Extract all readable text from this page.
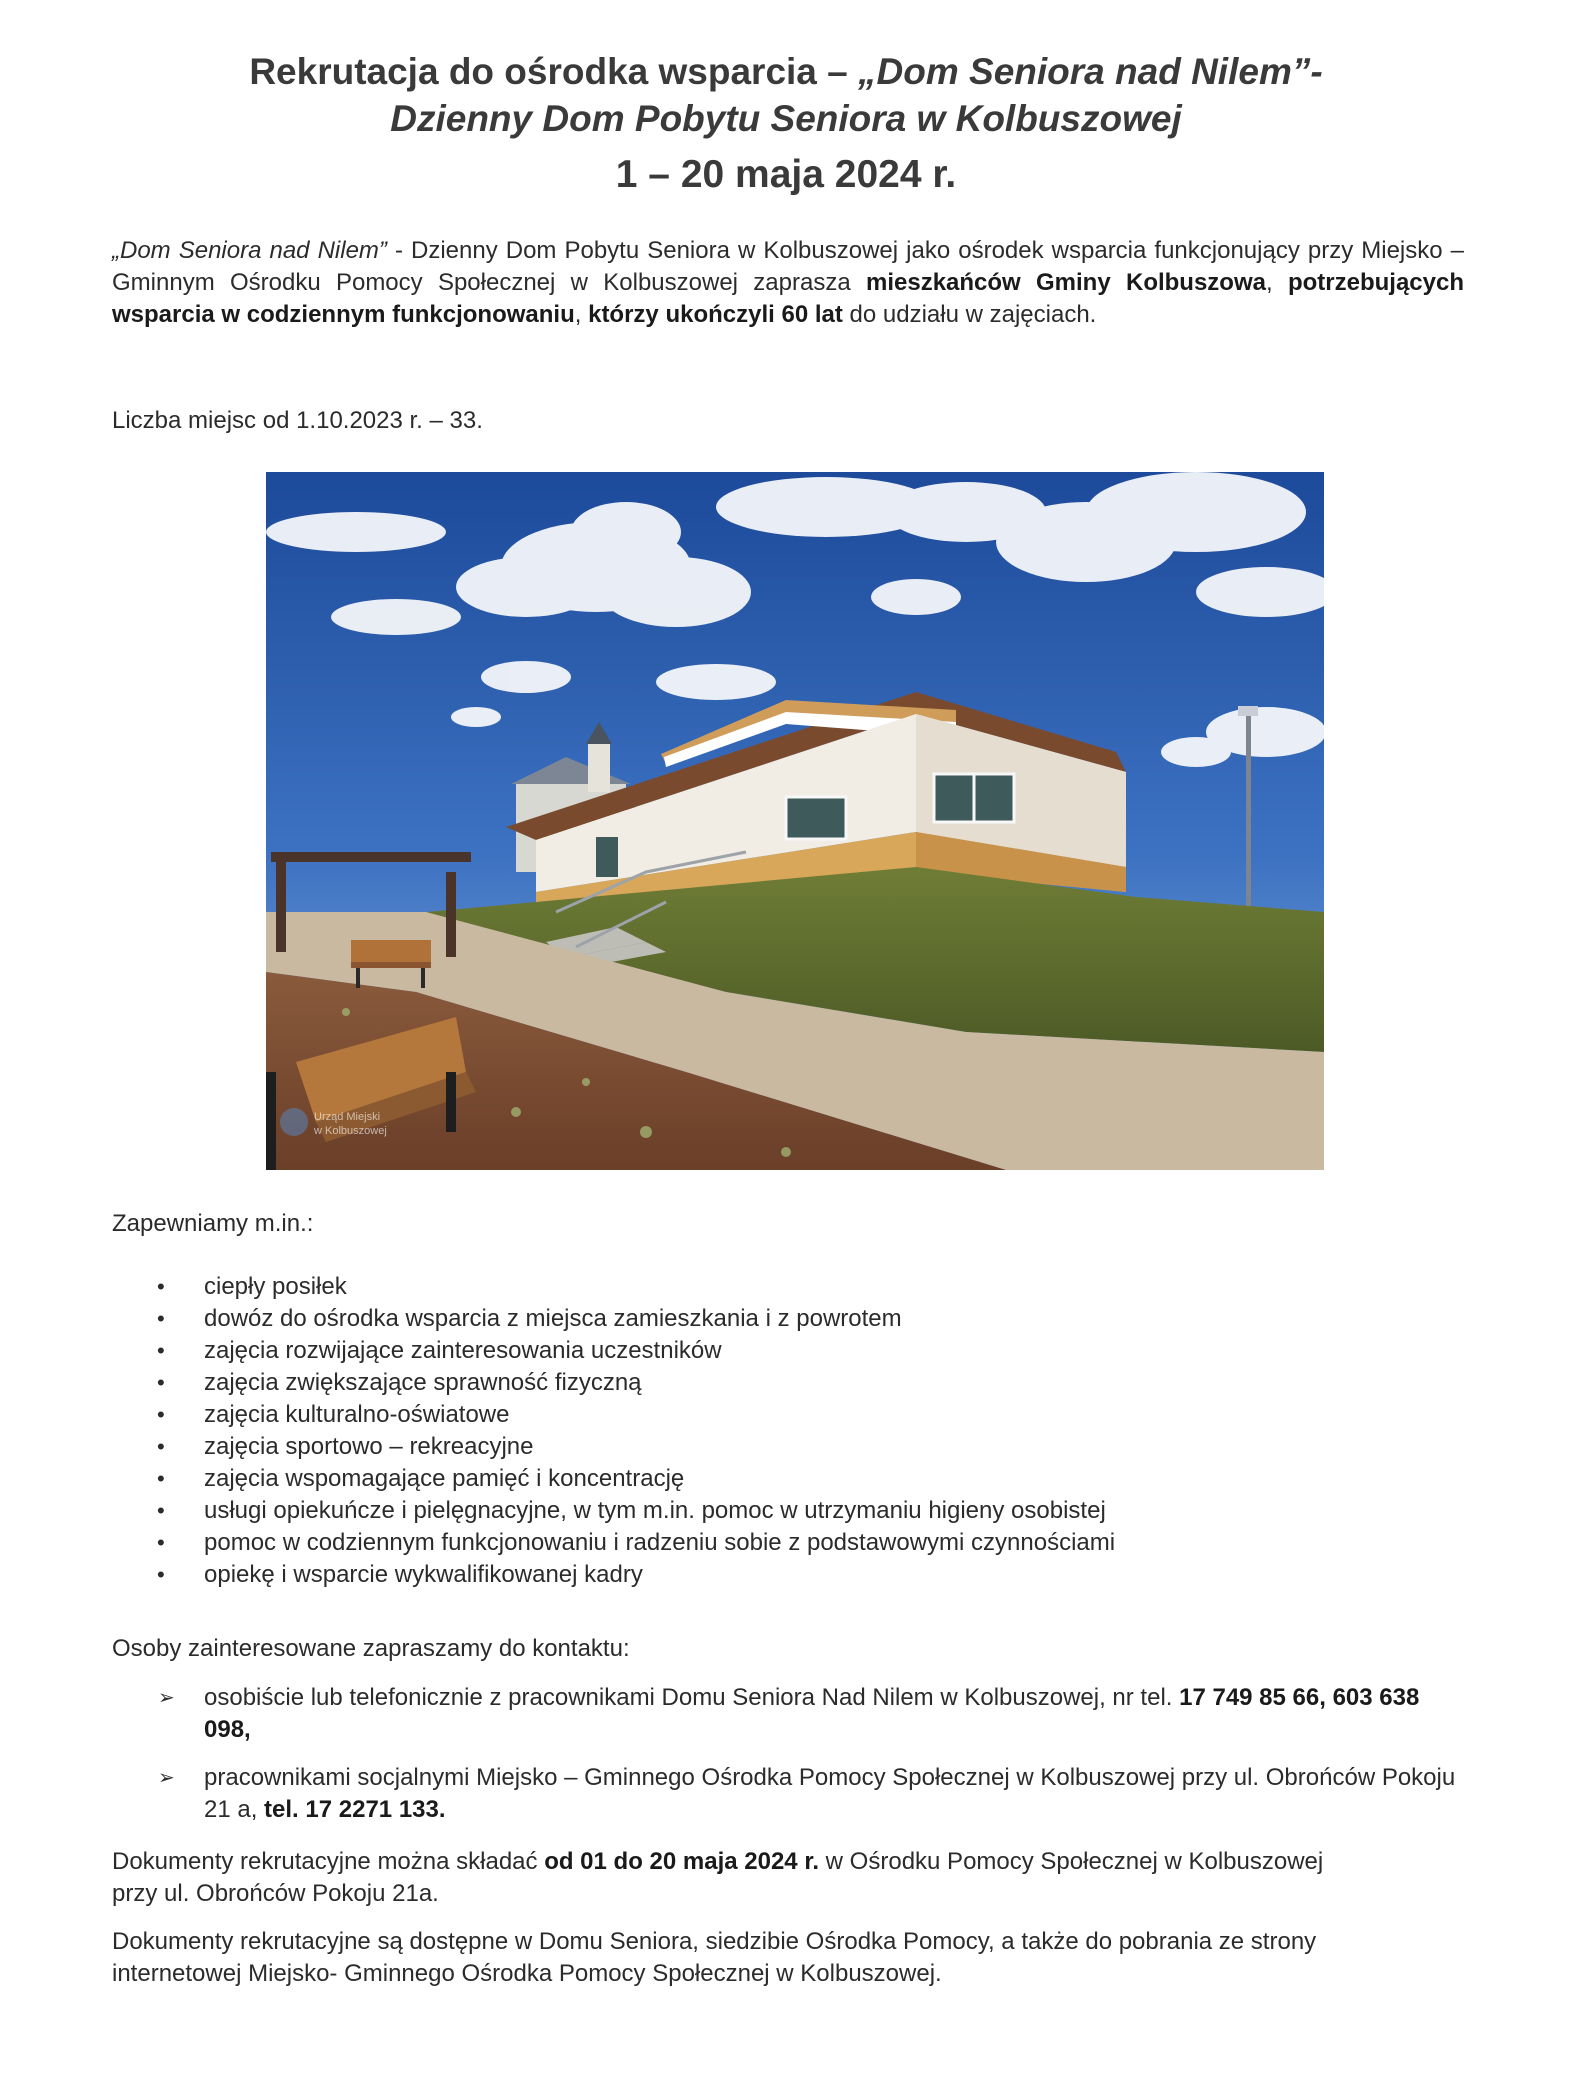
Rekrutacja do ośrodka wsparcia – „Dom Seniora nad Nilem”-
Dzienny Dom Pobytu Seniora w Kolbuszowej
1 – 20 maja 2024 r.
„Dom Seniora nad Nilem” - Dzienny Dom Pobytu Seniora w Kolbuszowej jako ośrodek wsparcia funkcjonujący przy Miejsko – Gminnym Ośrodku Pomocy Społecznej w Kolbuszowej zaprasza mieszkańców Gminy Kolbuszowa, potrzebujących wsparcia w codziennym funkcjonowaniu, którzy ukończyli 60 lat do udziału w zajęciach.
Liczba miejsc od 1.10.2023 r. – 33.
Urząd Miejski
w Kolbuszowej
Zapewniamy m.in.:
• ciepły posiłek
• dowóz do ośrodka wsparcia z miejsca zamieszkania i z powrotem
• zajęcia rozwijające zainteresowania uczestników
• zajęcia zwiększające sprawność fizyczną
• zajęcia kulturalno-oświatowe
• zajęcia sportowo – rekreacyjne
• zajęcia wspomagające pamięć i koncentrację
• usługi opiekuńcze i pielęgnacyjne, w tym m.in. pomoc w utrzymaniu higieny osobistej
• pomoc w codziennym funkcjonowaniu i radzeniu sobie z podstawowymi czynnościami
• opiekę i wsparcie wykwalifikowanej kadry
Osoby zainteresowane zapraszamy do kontaktu:
➢ osobiście lub telefonicznie z pracownikami Domu Seniora Nad Nilem w Kolbuszowej, nr tel. 17 749 85 66, 603 638 098,
➢ pracownikami socjalnymi Miejsko – Gminnego Ośrodka Pomocy Społecznej w Kolbuszowej przy ul. Obrońców Pokoju 21 a, tel. 17 2271 133.
Dokumenty rekrutacyjne można składać od 01 do 20 maja 2024 r. w Ośrodku Pomocy Społecznej w Kolbuszowej przy ul. Obrońców Pokoju 21a.
Dokumenty rekrutacyjne są dostępne w Domu Seniora, siedzibie Ośrodka Pomocy, a także do pobrania ze strony internetowej Miejsko- Gminnego Ośrodka Pomocy Społecznej w Kolbuszowej.
